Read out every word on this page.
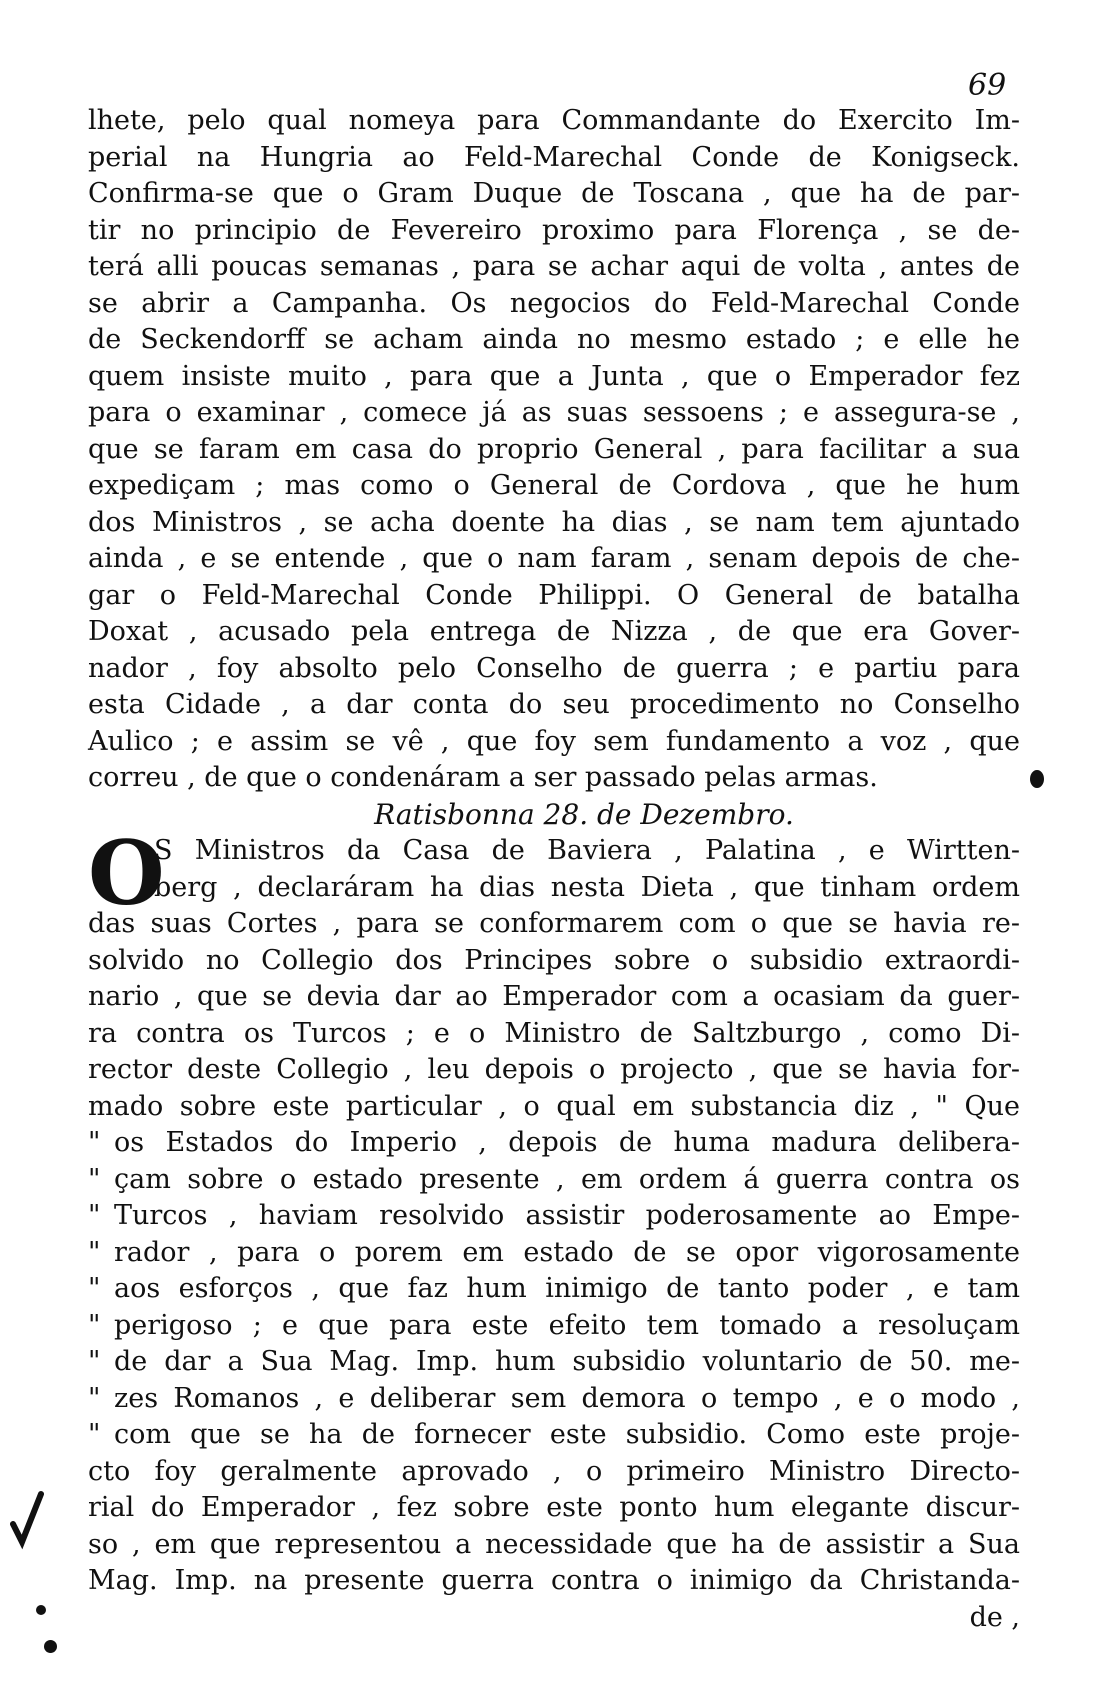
69
lhete, pelo qual nomeya para Commandante do Exercito Im-
perial na Hungria ao Feld-Marechal Conde de Konigseck.
Confirma-se que o Gram Duque de Toscana , que ha de par-
tir no principio de Fevereiro proximo para Florença , se de-
terá alli poucas semanas , para se achar aqui de volta , antes de
se abrir a Campanha. Os negocios do Feld-Marechal Conde
de Seckendorff se acham ainda no mesmo estado ; e elle he
quem insiste muito , para que a Junta , que o Emperador fez
para o examinar , comece já as suas sessoens ; e assegura-se ,
que se faram em casa do proprio General , para facilitar a sua
expediçam ; mas como o General de Cordova , que he hum
dos Ministros , se acha doente ha dias , se nam tem ajuntado
ainda , e se entende , que o nam faram , senam depois de che-
gar o Feld-Marechal Conde Philippi. O General de batalha
Doxat , acusado pela entrega de Nizza , de que era Gover-
nador , foy absolto pelo Conselho de guerra ; e partiu para
esta Cidade , a dar conta do seu procedimento no Conselho
Aulico ; e assim se vê , que foy sem fundamento a voz , que
correu , de que o condenáram a ser passado pelas armas.
Ratisbonna 28. de Dezembro.
O
S Ministros da Casa de Baviera , Palatina , e Wirtten-
berg , declaráram ha dias nesta Dieta , que tinham ordem
das suas Cortes , para se conformarem com o que se havia re-
solvido no Collegio dos Principes sobre o subsidio extraordi-
nario , que se devia dar ao Emperador com a ocasiam da guer-
ra contra os Turcos ; e o Ministro de Saltzburgo , como Di-
rector deste Collegio , leu depois o projecto , que se havia for-
mado sobre este particular , o qual em substancia diz , " Que
" os Estados do Imperio , depois de huma madura delibera-
" çam sobre o estado presente , em ordem á guerra contra os
" Turcos , haviam resolvido assistir poderosamente ao Empe-
" rador , para o porem em estado de se opor vigorosamente
" aos esforços , que faz hum inimigo de tanto poder , e tam
" perigoso ; e que para este efeito tem tomado a resoluçam
" de dar a Sua Mag. Imp. hum subsidio voluntario de 50. me-
" zes Romanos , e deliberar sem demora o tempo , e o modo ,
" com que se ha de fornecer este subsidio. Como este proje-
cto foy geralmente aprovado , o primeiro Ministro Directo-
rial do Emperador , fez sobre este ponto hum elegante discur-
so , em que representou a necessidade que ha de assistir a Sua
Mag. Imp. na presente guerra contra o inimigo da Christanda-
de ,
